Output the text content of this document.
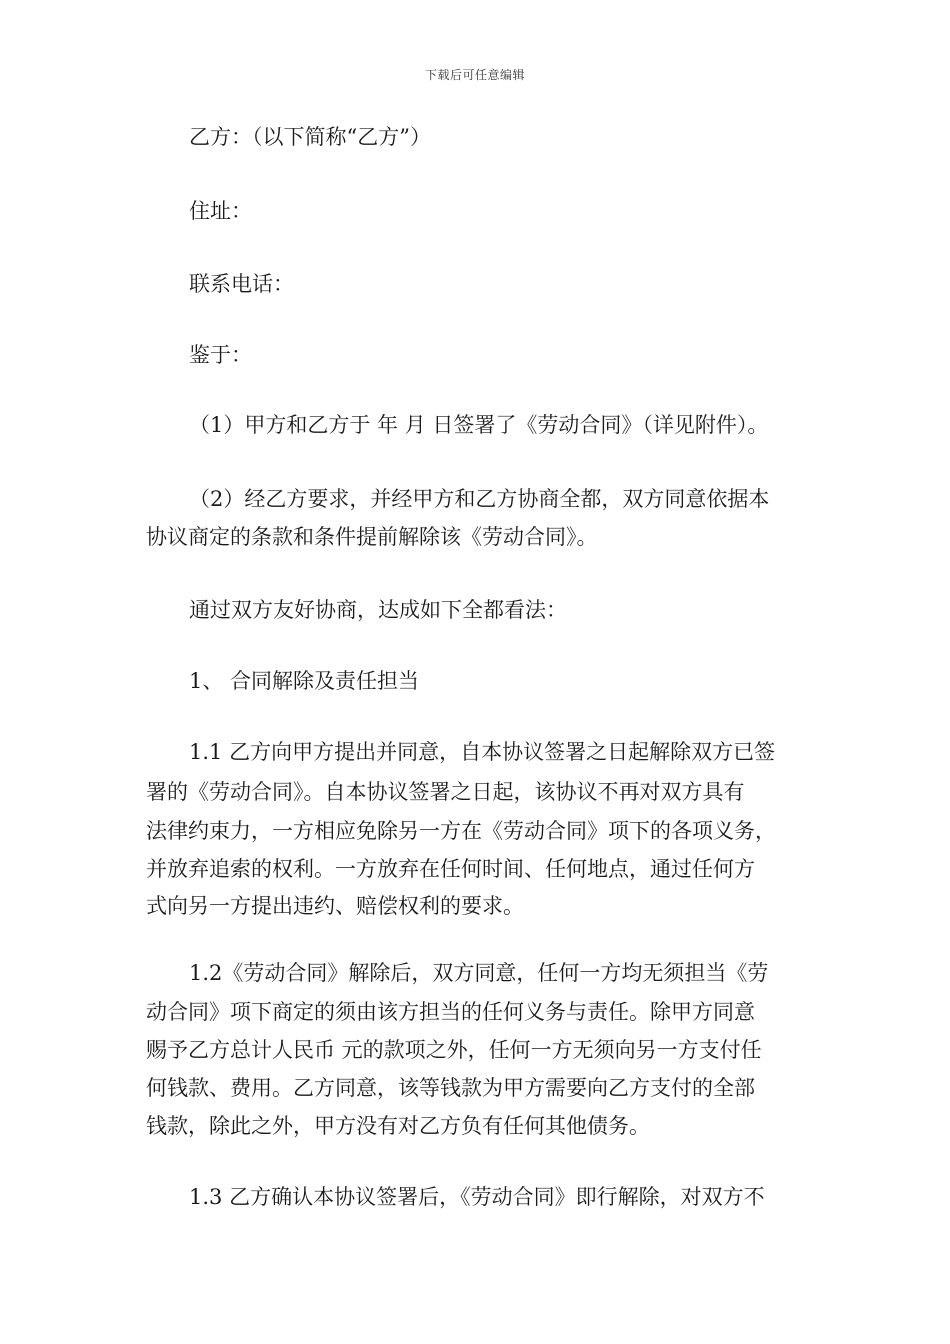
下载后可任意编辑
乙方：（以下简称“乙方”）
住址：
联系电话：
鉴于：
（1）甲方和乙方于 年 月 日签署了《劳动合同》（详见附件）。
（2）经乙方要求，并经甲方和乙方协商全都，双方同意依据本
协议商定的条款和条件提前解除该《劳动合同》。
通过双方友好协商，达成如下全都看法：
1、 合同解除及责任担当
1.1 乙方向甲方提出并同意，自本协议签署之日起解除双方已签
署的《劳动合同》。自本协议签署之日起，该协议不再对双方具有
法律约束力，一方相应免除另一方在《劳动合同》项下的各项义务，
并放弃追索的权利。一方放弃在任何时间、任何地点，通过任何方
式向另一方提出违约、赔偿权利的要求。
1.2《劳动合同》解除后，双方同意，任何一方均无须担当《劳
动合同》项下商定的须由该方担当的任何义务与责任。除甲方同意
赐予乙方总计人民币 元的款项之外，任何一方无须向另一方支付任
何钱款、费用。乙方同意，该等钱款为甲方需要向乙方支付的全部
钱款，除此之外，甲方没有对乙方负有任何其他债务。
1.3 乙方确认本协议签署后，《劳动合同》即行解除，对双方不
